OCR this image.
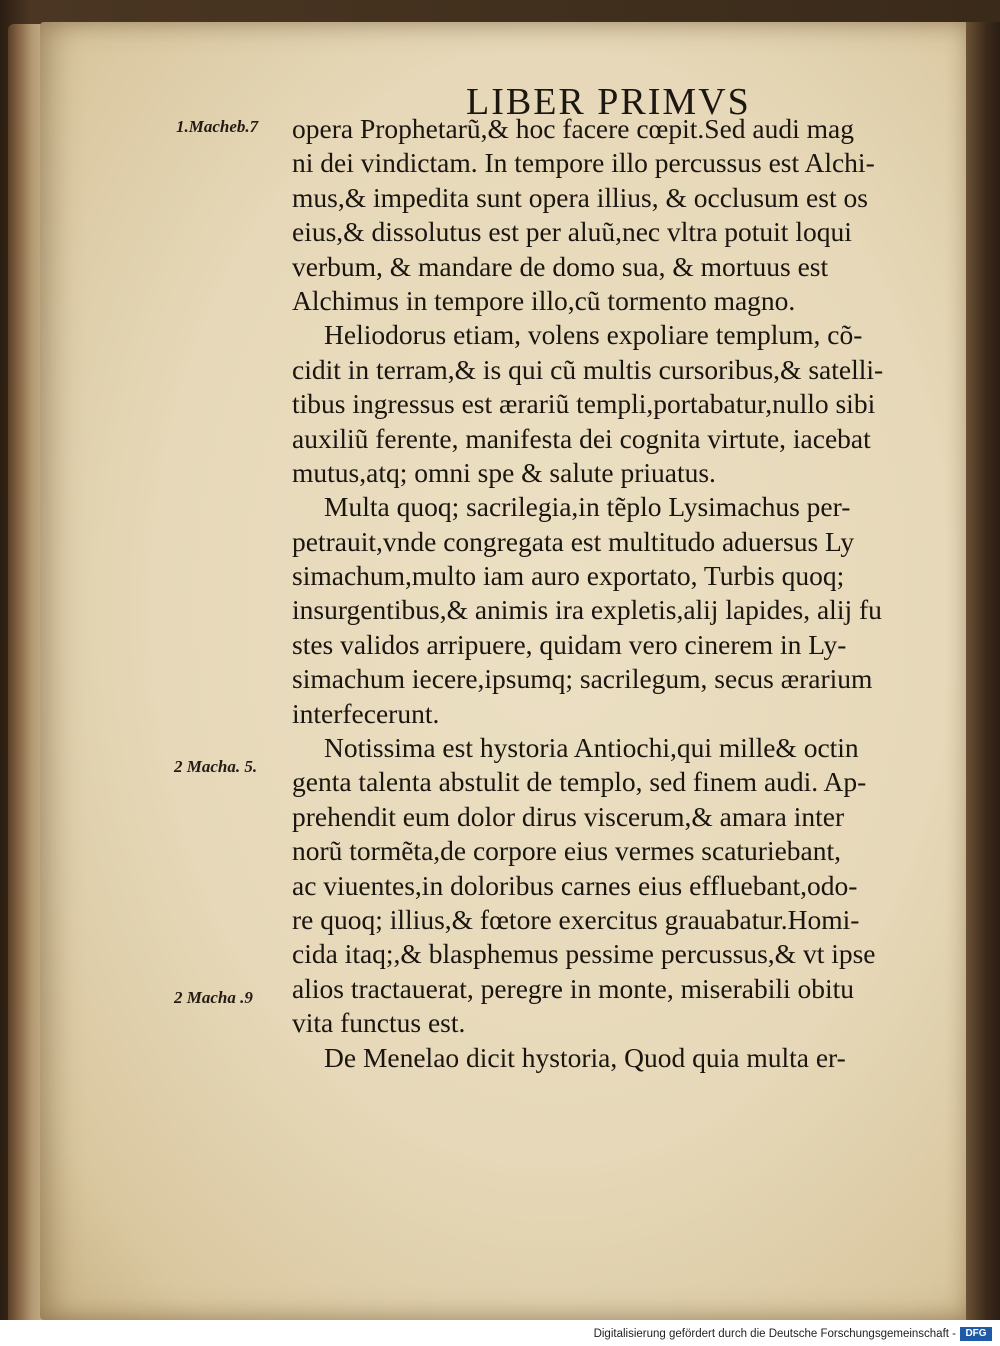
LIBER PRIMVS
1.Macheb.7
2 Macha. 5.
2 Macha .9
opera Prophetarũ,& hoc facere cœpit.Sed audi mag
ni dei vindictam. In tempore illo percussus est Alchi-
mus,& impedita sunt opera illius, & occlusum est os
eius,& dissolutus est per aluũ,nec vltra potuit loqui
verbum, & mandare de domo sua, & mortuus est
Alchimus in tempore illo,cũ tormento magno.
Heliodorus etiam, volens expoliare templum, cõ-
cidit in terram,& is qui cũ multis cursoribus,& satelli-
tibus ingressus est ærariũ templi,portabatur,nullo sibi
auxiliũ ferente, manifesta dei cognita virtute, iacebat
mutus,atq; omni spe & salute priuatus.
Multa quoq; sacrilegia,in tẽplo Lysimachus per-
petrauit,vnde congregata est multitudo aduersus Ly
simachum,multo iam auro exportato, Turbis quoq;
insurgentibus,& animis ira expletis,alij lapides, alij fu
stes validos arripuere, quidam vero cinerem in Ly-
simachum iecere,ipsumq; sacrilegum, secus ærarium
interfecerunt.
Notissima est hystoria Antiochi,qui mille& octin
genta talenta abstulit de templo, sed finem audi. Ap-
prehendit eum dolor dirus viscerum,& amara inter
norũ tormẽta,de corpore eius vermes scaturiebant,
ac viuentes,in doloribus carnes eius effluebant,odo-
re quoq; illius,& fœtore exercitus grauabatur.Homi-
cida itaq;,& blasphemus pessime percussus,& vt ipse
alios tractauerat, peregre in monte, miserabili obitu
vita functus est.
De Menelao dicit hystoria, Quod quia multa er-
Digitalisierung gefördert durch die Deutsche Forschungsgemeinschaft - DFG
